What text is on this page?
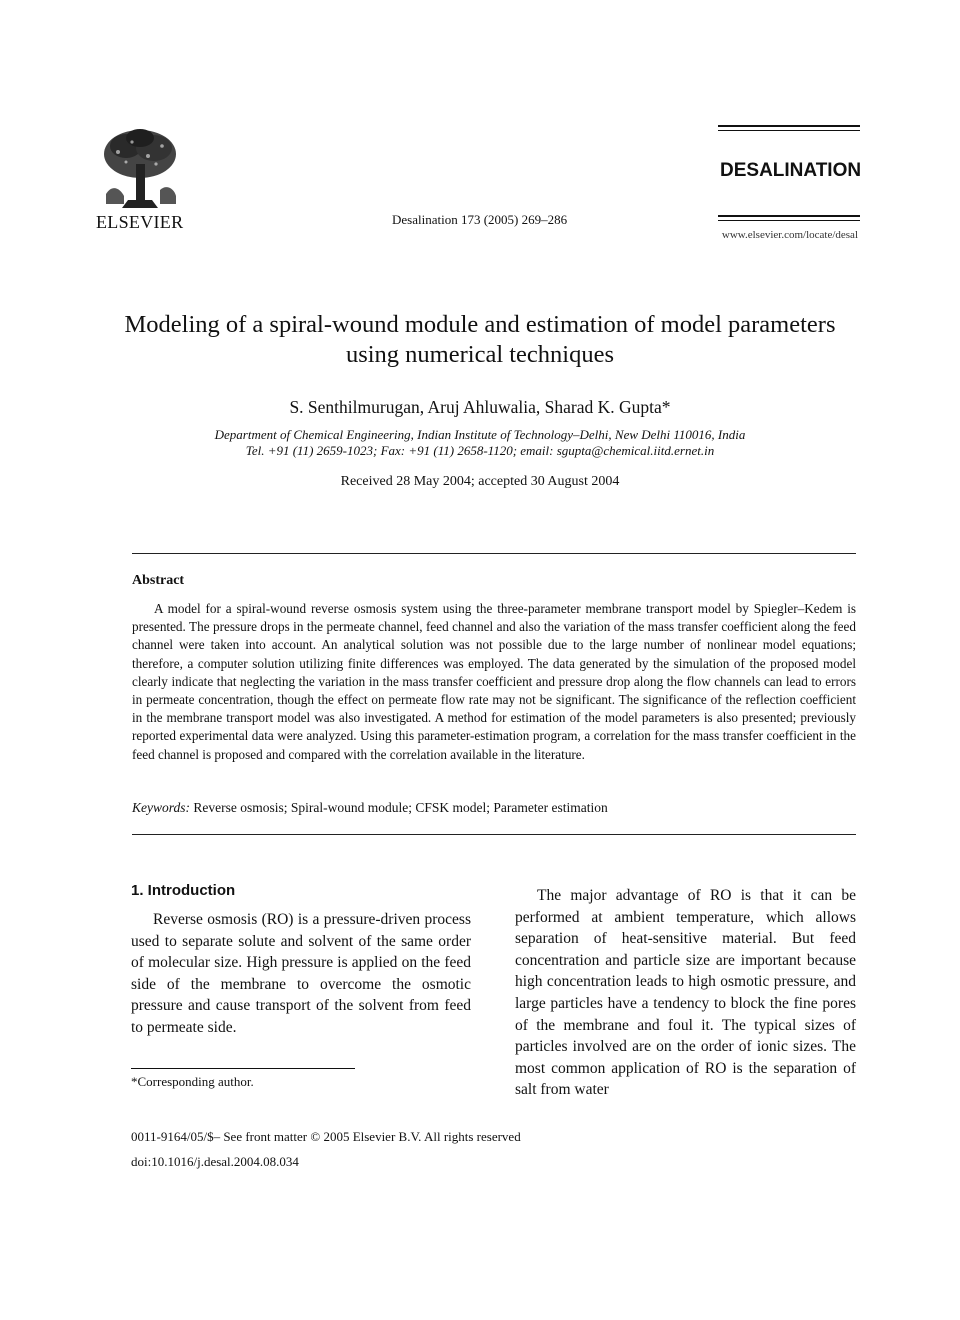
ELSEVIER	Desalination 173 (2005) 269–286
DESALINATION
www.elsevier.com/locate/desal
Modeling of a spiral-wound module and estimation of model parameters using numerical techniques
S. Senthilmurugan, Aruj Ahluwalia, Sharad K. Gupta*
Department of Chemical Engineering, Indian Institute of Technology–Delhi, New Delhi 110016, India
Tel. +91 (11) 2659-1023; Fax: +91 (11) 2658-1120; email: sgupta@chemical.iitd.ernet.in
Received 28 May 2004; accepted 30 August 2004
Abstract

A model for a spiral-wound reverse osmosis system using the three-parameter membrane transport model by Spiegler–Kedem is presented. The pressure drops in the permeate channel, feed channel and also the variation of the mass transfer coefficient along the feed channel were taken into account. An analytical solution was not possible due to the large number of nonlinear model equations; therefore, a computer solution utilizing finite differences was employed. The data generated by the simulation of the proposed model clearly indicate that neglecting the variation in the mass transfer coefficient and pressure drop along the flow channels can lead to errors in permeate concentration, though the effect on permeate flow rate may not be significant. The significance of the reflection coefficient in the membrane transport model was also investigated. A method for estimation of the model parameters is also presented; previously reported experimental data were analyzed. Using this parameter-estimation program, a correlation for the mass transfer coefficient in the feed channel is proposed and compared with the correlation available in the literature.

Keywords: Reverse osmosis; Spiral-wound module; CFSK model; Parameter estimation
1. Introduction

Reverse osmosis (RO) is a pressure-driven process used to separate solute and solvent of the same order of molecular size. High pressure is applied on the feed side of the membrane to overcome the osmotic pressure and cause transport of the solvent from feed to permeate side.

The major advantage of RO is that it can be performed at ambient temperature, which allows separation of heat-sensitive material. But feed concentration and particle size are important because high concentration leads to high osmotic pressure, and large particles have a tendency to block the fine pores of the membrane and foul it. The typical sizes of particles involved are on the order of ionic sizes. The most common application of RO is the separation of salt from water

*Corresponding author.
0011-9164/05/$– See front matter © 2005 Elsevier B.V. All rights reserved
doi:10.1016/j.desal.2004.08.034
